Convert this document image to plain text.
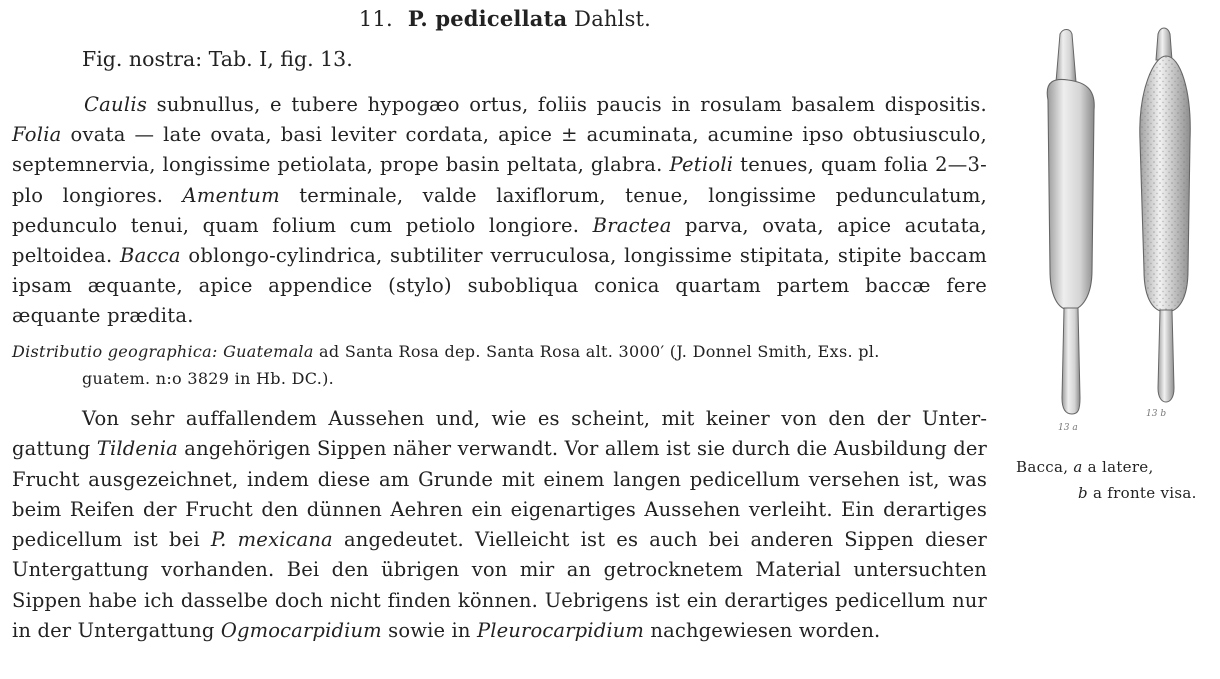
11. P. pedicellata Dahlst.
Fig. nostra: Tab. I, fig. 13.

Caulis subnullus, e tubere hypogæo ortus, foliis paucis in rosulam basalem dispositis. Folia ovata — late ovata, basi leviter cordata, apice ± acuminata, acumine ipso obtusiusculo, septemnervia, longissime petiolata, prope basin peltata, glabra. Petioli tenues, quam folia 2—3-plo longiores. Amentum terminale, valde laxiflorum, tenue, longissime pedunculatum, pedunculo tenui, quam folium cum petiolo longiore. Bractea parva, ovata, apice acutata, peltoidea. Bacca oblongo-cylindrica, subtiliter verruculosa, longissime stipitata, stipite baccam ipsam æquante, apice appendice (stylo) subobliqua conica quartam partem baccæ fere æquante prædita.

Distributio geographica: Guatemala ad Santa Rosa dep. Santa Rosa alt. 3000′ (J. Donnel Smith, Exs. pl.
guatem. n:o 3829 in Hb. DC.).

Von sehr auffallendem Aussehen und, wie es scheint, mit keiner von den der Untergattung Tildenia angehörigen Sippen näher verwandt. Vor allem ist sie durch die Ausbildung der Frucht ausgezeichnet, indem diese am Grunde mit einem langen pedicellum versehen ist, was beim Reifen der Frucht den dünnen Aehren ein eigenartiges Aussehen verleiht. Ein derartiges pedicellum ist bei P. mexicana angedeutet. Vielleicht ist es auch bei anderen Sippen dieser Untergattung vorhanden. Bei den übrigen von mir an getrocknetem Material untersuchten Sippen habe ich dasselbe doch nicht finden können. Uebrigens ist ein derartiges pedicellum nur in der Untergattung Ogmocarpidium sowie in Pleurocarpidium nachgewiesen worden.

13 a
13 b
Bacca, a a latere,
b a fronte visa.
